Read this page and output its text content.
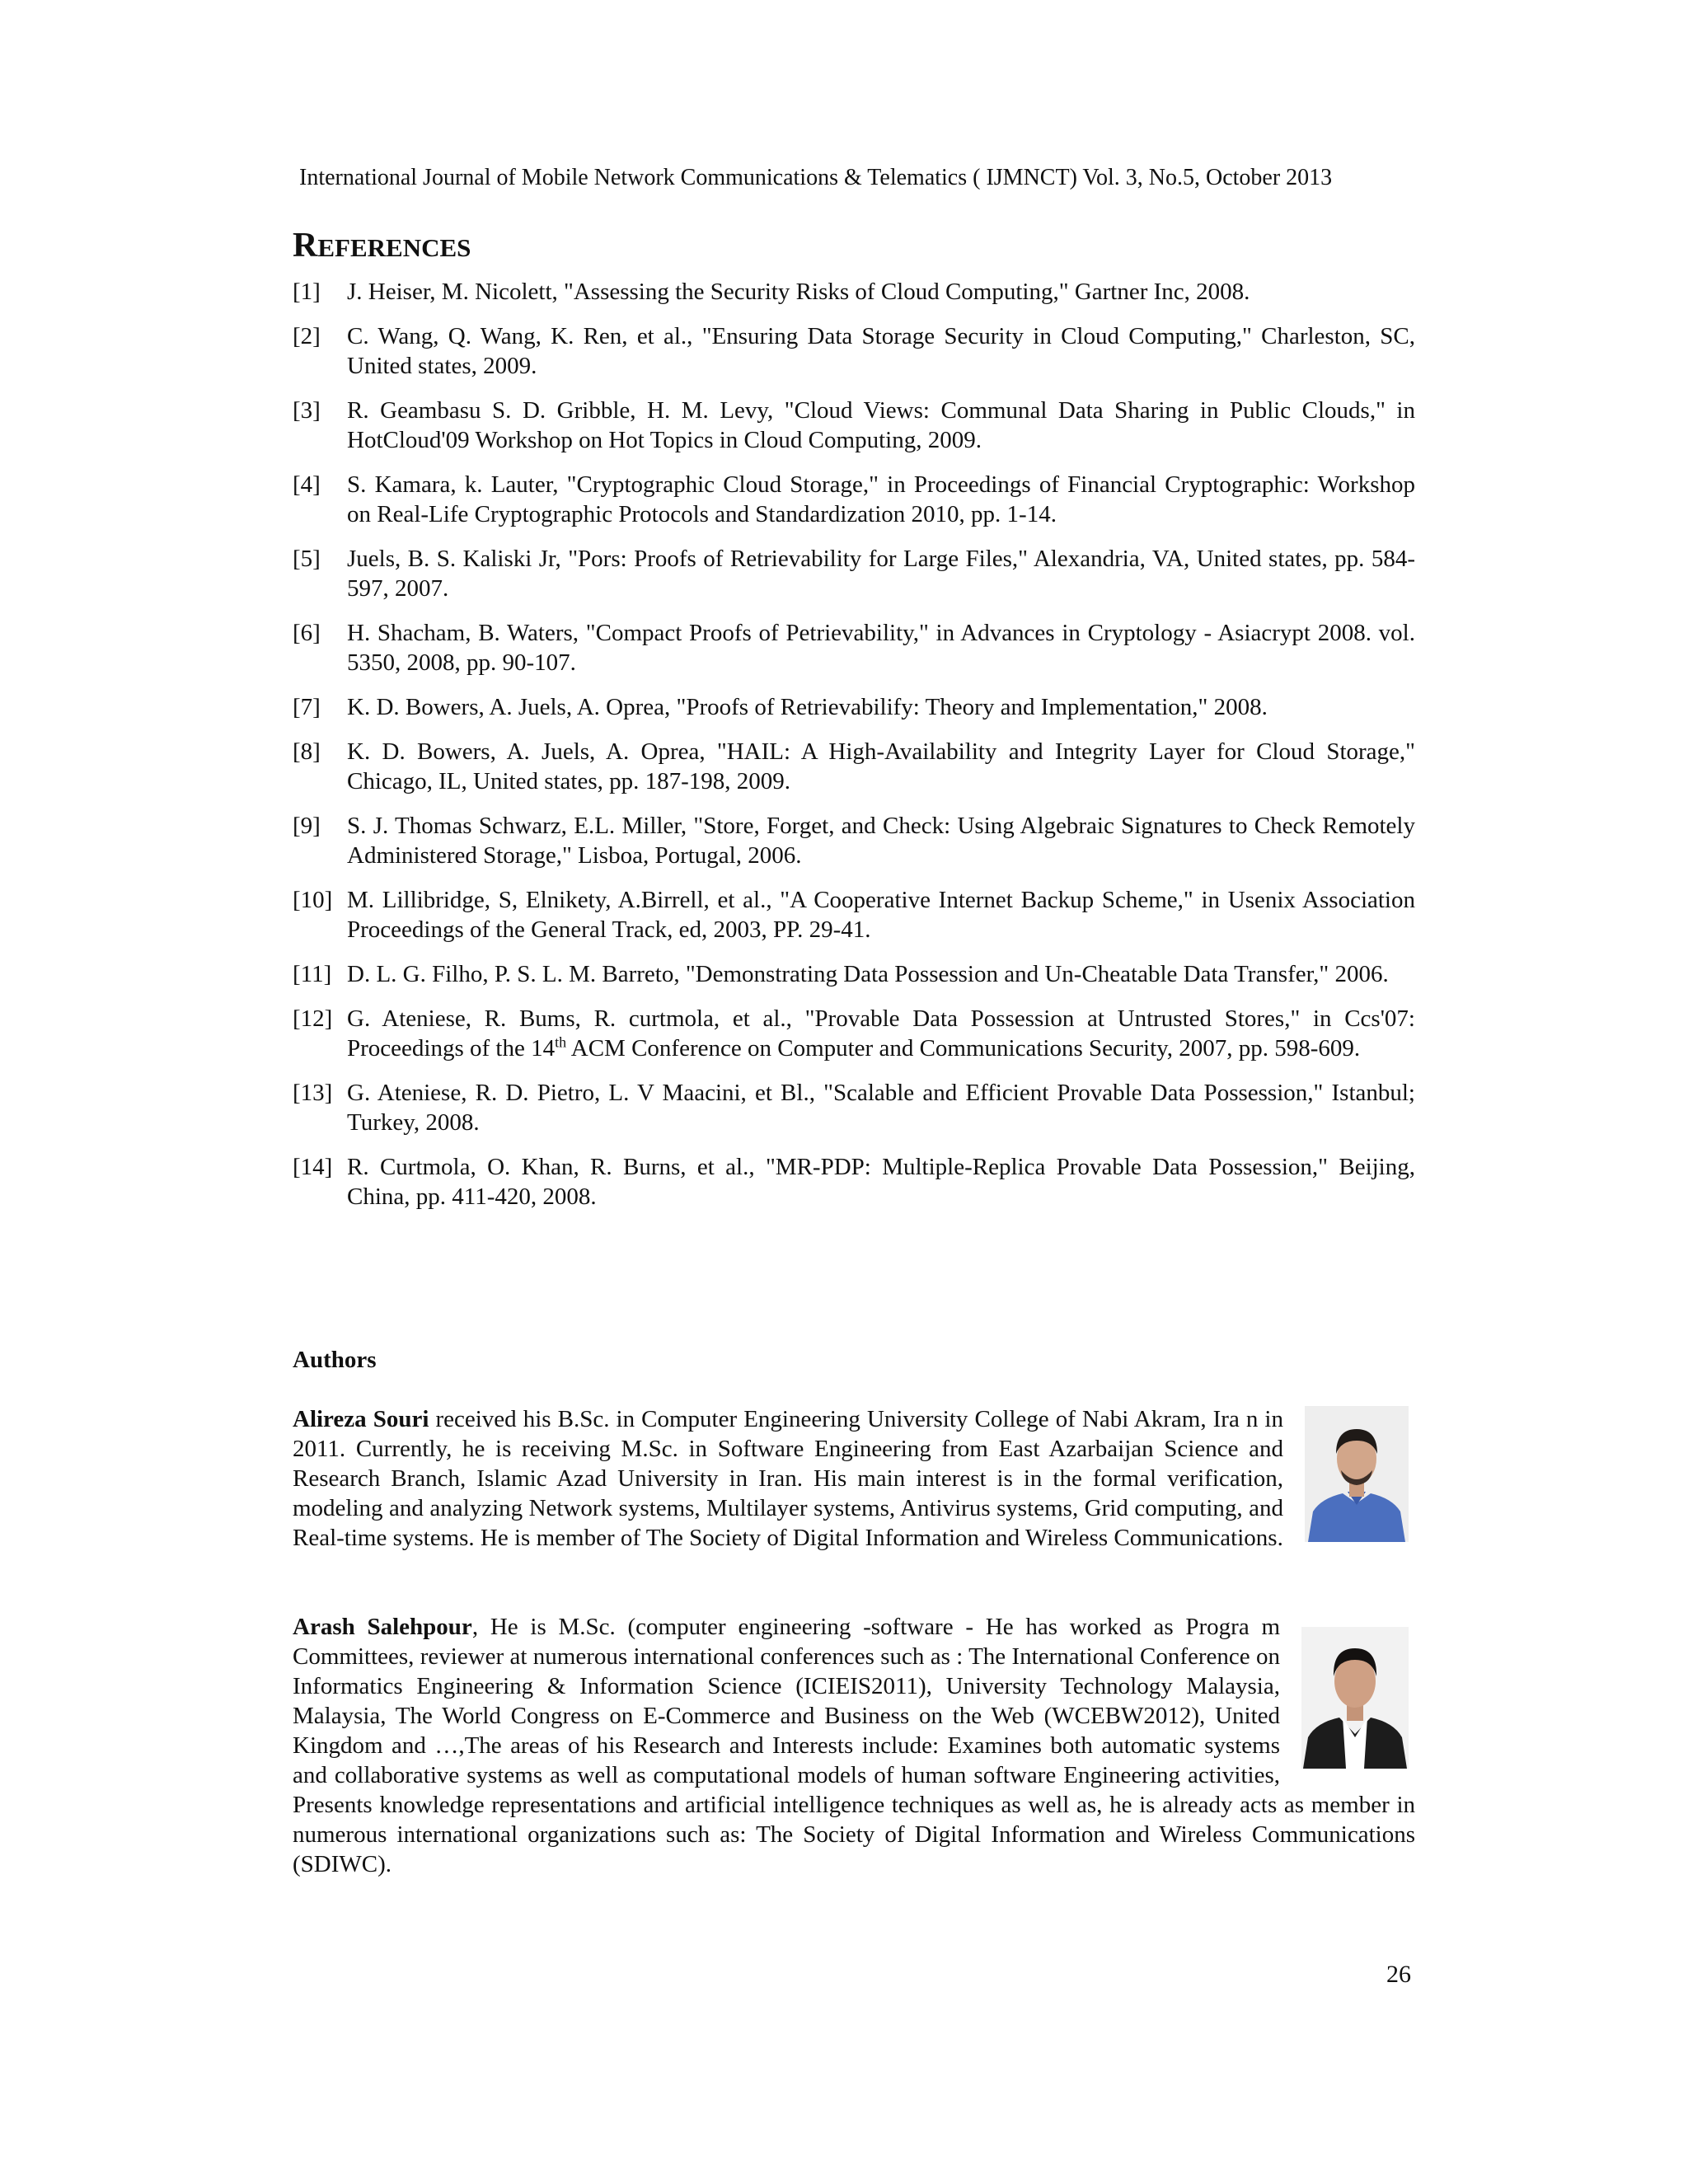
International Journal of Mobile Network Communications & Telematics ( IJMNCT) Vol. 3, No.5, October 2013
REFERENCES
[1] J. Heiser, M. Nicolett, "Assessing the Security Risks of Cloud Computing," Gartner Inc, 2008.
[2] C. Wang, Q. Wang, K. Ren, et al., "Ensuring Data Storage Security in Cloud Computing," Charleston, SC, United states, 2009.
[3] R. Geambasu S. D. Gribble, H. M. Levy, "Cloud Views: Communal Data Sharing in Public Clouds," in HotCloud'09 Workshop on Hot Topics in Cloud Computing, 2009.
[4] S. Kamara, k. Lauter, "Cryptographic Cloud Storage," in Proceedings of Financial Cryptographic: Workshop on Real-Life Cryptographic Protocols and Standardization 2010, pp. 1-14.
[5] Juels, B. S. Kaliski Jr, "Pors: Proofs of Retrievability for Large Files," Alexandria, VA, United states, pp. 584-597, 2007.
[6] H. Shacham, B. Waters, "Compact Proofs of Petrievability," in Advances in Cryptology - Asiacrypt 2008. vol. 5350, 2008, pp. 90-107.
[7] K. D. Bowers, A. Juels, A. Oprea, "Proofs of Retrievabilify: Theory and Implementation," 2008.
[8] K. D. Bowers, A. Juels, A. Oprea, "HAIL: A High-Availability and Integrity Layer for Cloud Storage," Chicago, IL, United states, pp. 187-198, 2009.
[9] S. J. Thomas Schwarz, E.L. Miller, "Store, Forget, and Check: Using Algebraic Signatures to Check Remotely Administered Storage," Lisboa, Portugal, 2006.
[10] M. Lillibridge, S, Elnikety, A.Birrell, et al., "A Cooperative Internet Backup Scheme," in Usenix Association Proceedings of the General Track, ed, 2003, PP. 29-41.
[11] D. L. G. Filho, P. S. L. M. Barreto, "Demonstrating Data Possession and Un-Cheatable Data Transfer," 2006.
[12] G. Ateniese, R. Bums, R. curtmola, et al., "Provable Data Possession at Untrusted Stores," in Ccs'07: Proceedings of the 14th ACM Conference on Computer and Communications Security, 2007, pp. 598-609.
[13] G. Ateniese, R. D. Pietro, L. V Maacini, et Bl., "Scalable and Efficient Provable Data Possession," Istanbul; Turkey, 2008.
[14] R. Curtmola, O. Khan, R. Burns, et al., "MR-PDP: Multiple-Replica Provable Data Possession," Beijing, China, pp. 411-420, 2008.
Authors

Alireza Souri received his B.Sc. in Computer Engineering University College of Nabi Akram, Ira n in 2011. Currently, he is receiving M.Sc. in Software Engineering from East Azarbaijan Science and Research Branch, Islamic Azad University in Iran. His main interest is in the formal verification, modeling and analyzing Network systems, Multilayer systems, Antivirus systems, Grid computing, and Real-time systems. He is member of The Society of Digital Information and Wireless Communications.

Arash Salehpour, He is M.Sc. (computer engineering -software - He has worked as Progra m Committees, reviewer at numerous international conferences such as : The International Conference on Informatics Engineering & Information Science (ICIEIS2011), University Technology Malaysia, Malaysia, The World Congress on E-Commerce and Business on the Web (WCEBW2012), United Kingdom and …,The areas of his Research and Interests include: Examines both automatic systems and collaborative systems as well as computational models of human software Engineering activities, Presents knowledge representations and artificial intelligence techniques as well as, he is already acts as member in numerous international organizations such as: The Society of Digital Information and Wireless Communications (SDIWC).

26
